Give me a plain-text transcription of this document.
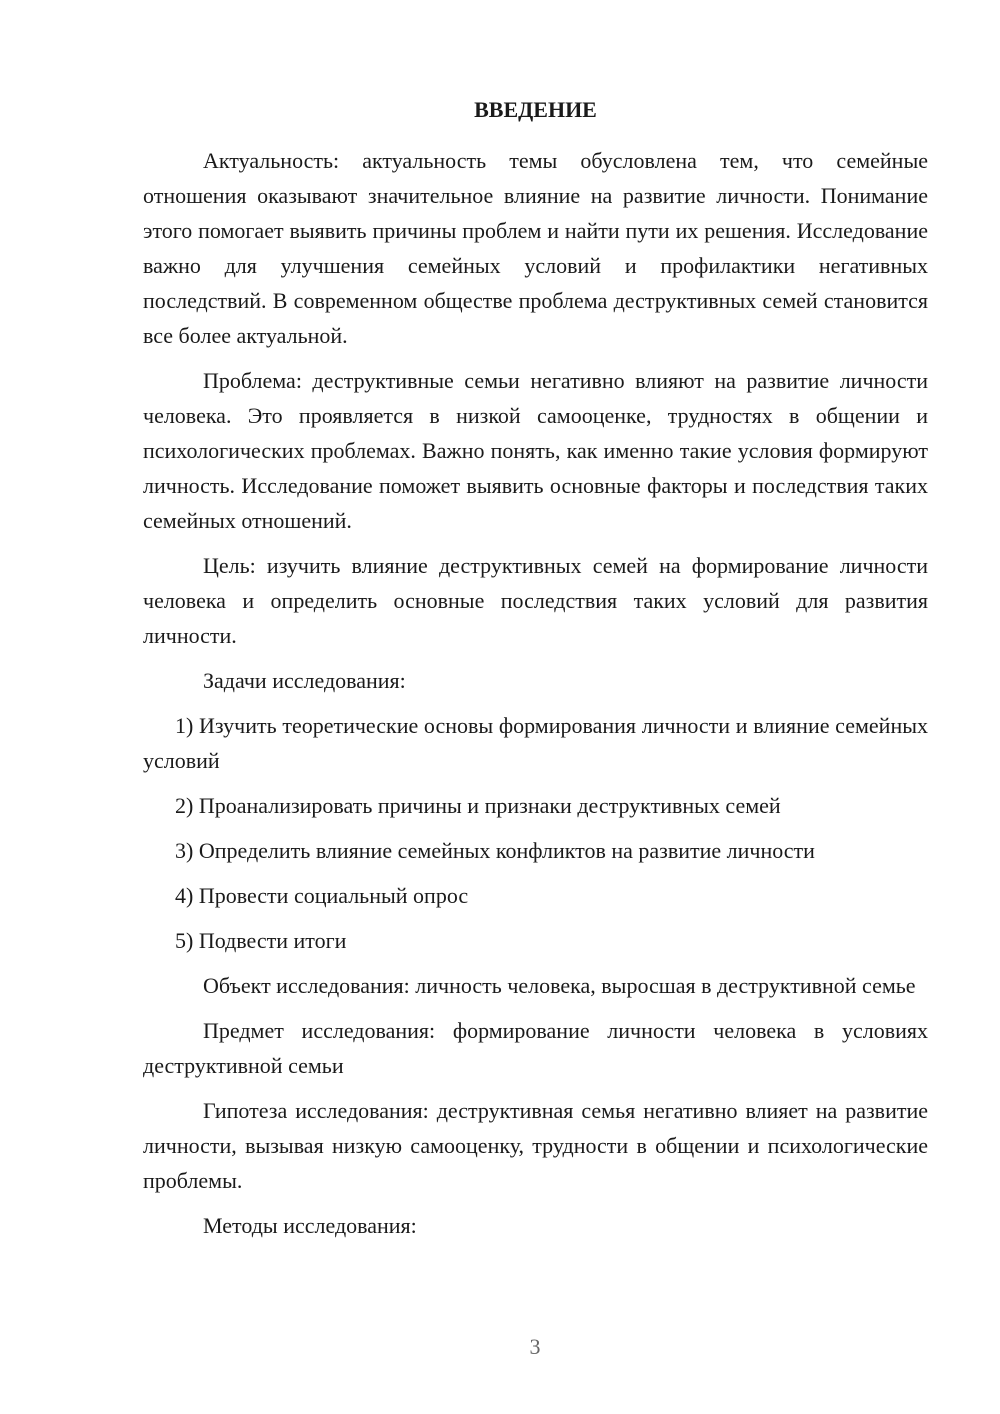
ВВЕДЕНИЕ

Актуальность: актуальность темы обусловлена тем, что семейные отношения оказывают значительное влияние на развитие личности. Понимание этого помогает выявить причины проблем и найти пути их решения. Исследование важно для улучшения семейных условий и профилактики негативных последствий. В современном обществе проблема деструктивных семей становится все более актуальной.

Проблема: деструктивные семьи негативно влияют на развитие личности человека. Это проявляется в низкой самооценке, трудностях в общении и психологических проблемах. Важно понять, как именно такие условия формируют личность. Исследование поможет выявить основные факторы и последствия таких семейных отношений.

Цель: изучить влияние деструктивных семей на формирование личности человека и определить основные последствия таких условий для развития личности.

Задачи исследования:

1) Изучить теоретические основы формирования личности и влияние семейных условий
2) Проанализировать причины и признаки деструктивных семей
3) Определить влияние семейных конфликтов на развитие личности
4) Провести социальный опрос
5) Подвести итоги

Объект исследования: личность человека, выросшая в деструктивной семье

Предмет исследования: формирование личности человека в условиях деструктивной семьи

Гипотеза исследования: деструктивная семья негативно влияет на развитие личности, вызывая низкую самооценку, трудности в общении и психологические проблемы.

Методы исследования:

3
